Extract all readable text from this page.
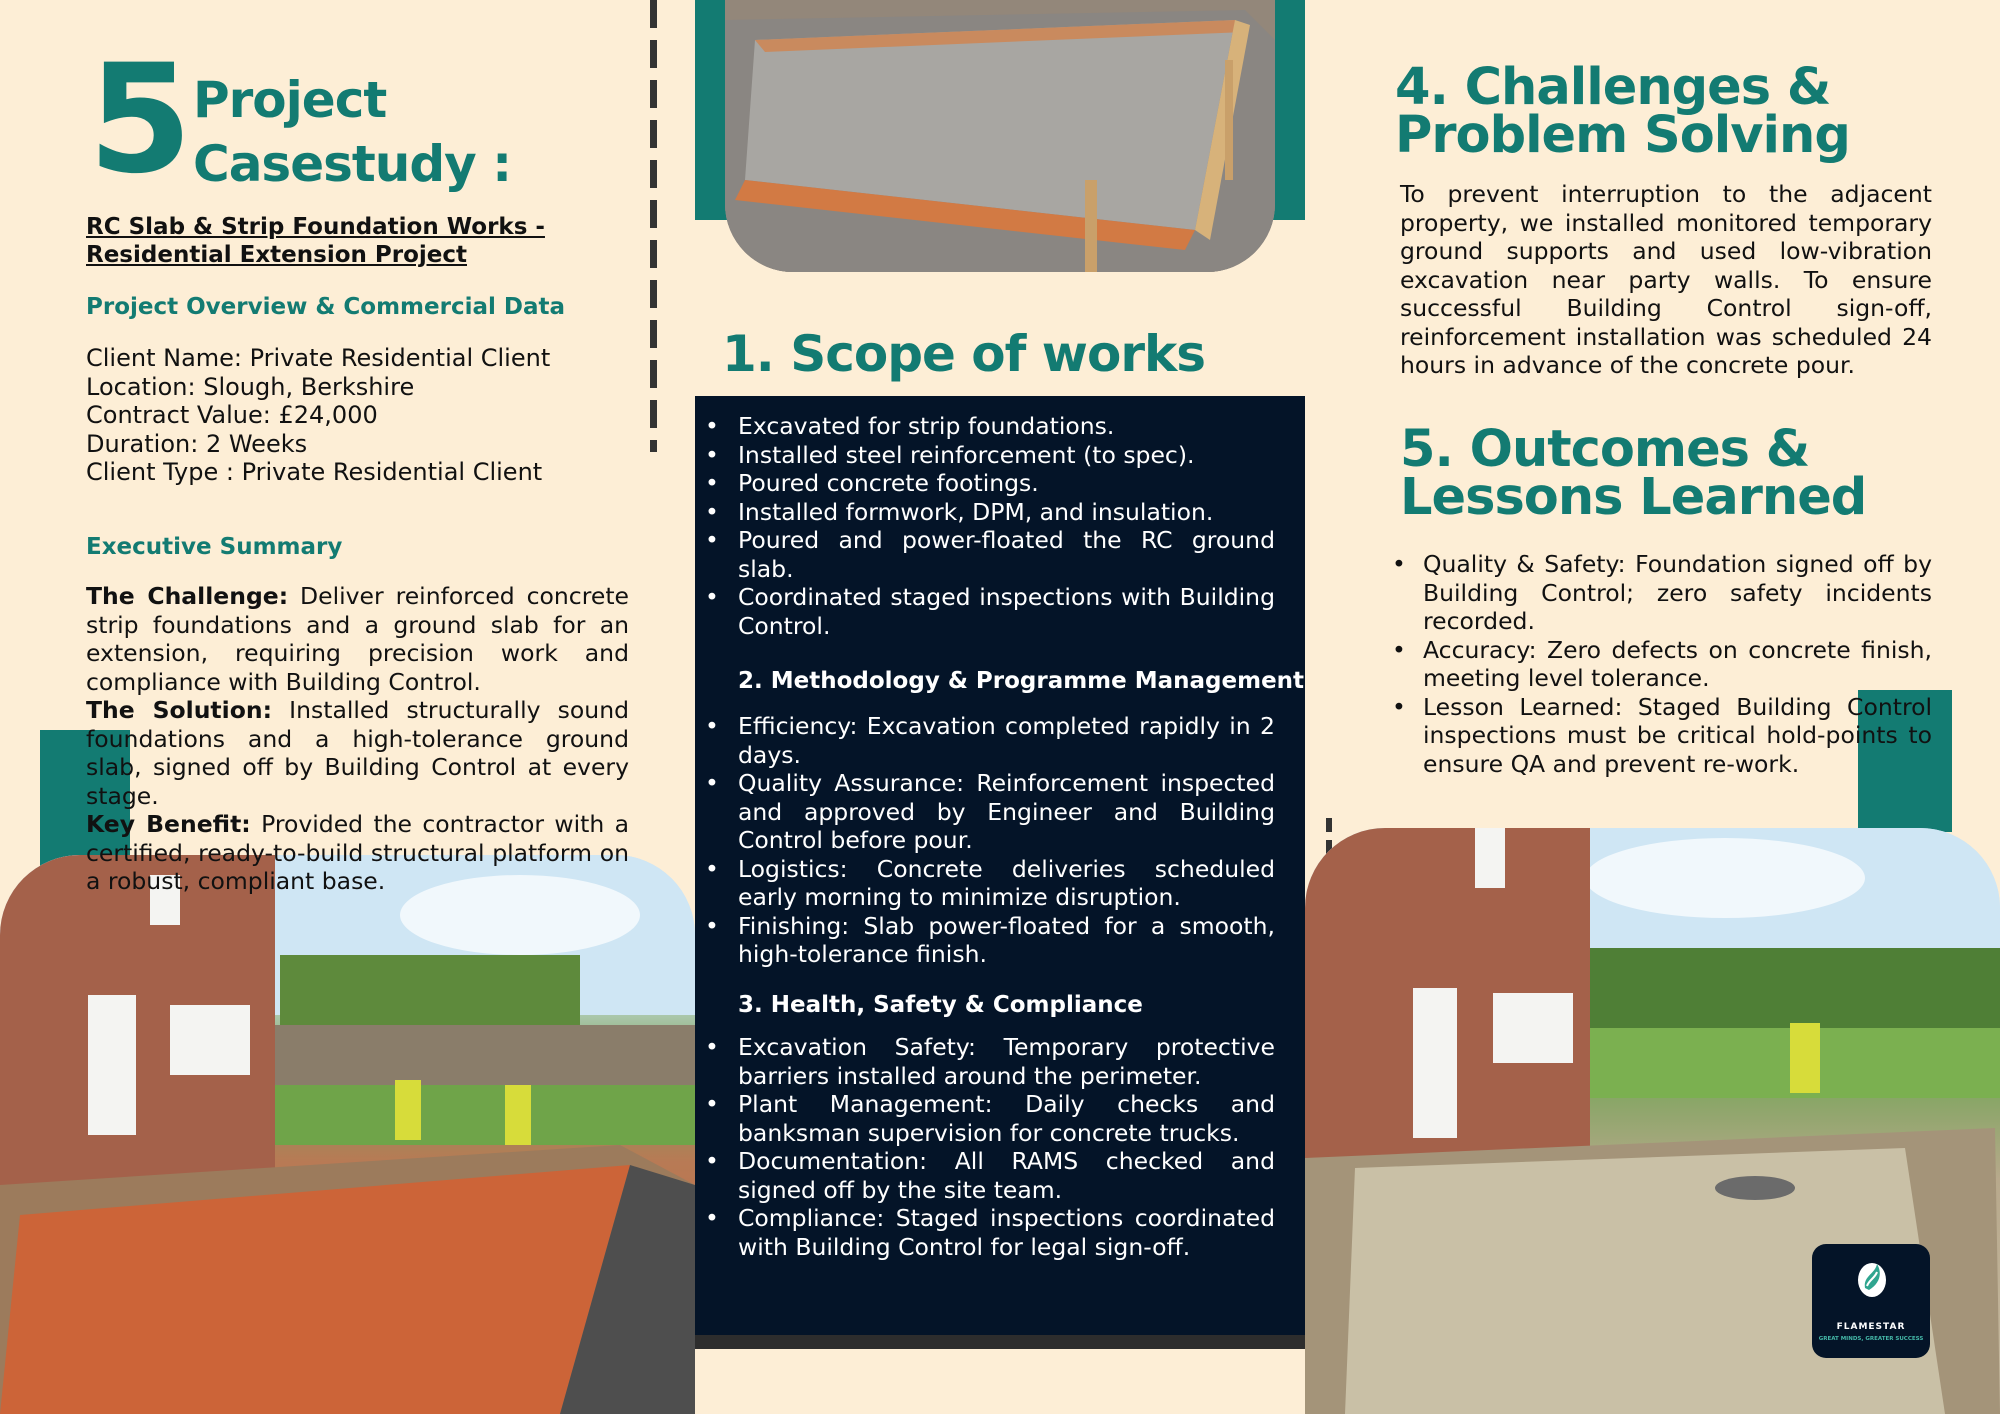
5 Project
Casestudy :
RC Slab & Strip Foundation Works -
Residential Extension Project
Project Overview & Commercial Data
Client Name: Private Residential Client
Location: Slough, Berkshire
Contract Value: £24,000
Duration: 2 Weeks
Client Type : Private Residential Client
Executive Summary

The Challenge: Deliver reinforced concrete strip foundations and a ground slab for an extension, requiring precision work and compliance with Building Control.

The Solution: Installed structurally sound foundations and a high-tolerance ground slab, signed off by Building Control at every stage.

Key Benefit: Provided the contractor with a certified, ready-to-build structural platform on a robust, compliant base.

1. Scope of works
• Excavated for strip foundations.
• Installed steel reinforcement (to spec).
• Poured concrete footings.
• Installed formwork, DPM, and insulation.
• Poured and power-floated the RC ground slab.
• Coordinated staged inspections with Building Control.
2. Methodology & Programme Management
• Efficiency: Excavation completed rapidly in 2 days.
• Quality Assurance: Reinforcement inspected and approved by Engineer and Building Control before pour.
• Logistics: Concrete deliveries scheduled early morning to minimize disruption.
• Finishing: Slab power-floated for a smooth, high-tolerance finish.
3. Health, Safety & Compliance
• Excavation Safety: Temporary protective barriers installed around the perimeter.
• Plant Management: Daily checks and banksman supervision for concrete trucks.
• Documentation: All RAMS checked and signed off by the site team.
• Compliance: Staged inspections coordinated with Building Control for legal sign-off.
4. Challenges &
Problem Solving
To prevent interruption to the adjacent property, we installed monitored temporary ground supports and used low-vibration excavation near party walls. To ensure successful Building Control sign-off, reinforcement installation was scheduled 24 hours in advance of the concrete pour.
5. Outcomes &
Lessons Learned
• Quality & Safety: Foundation signed off by Building Control; zero safety incidents recorded.
• Accuracy: Zero defects on concrete finish, meeting level tolerance.
• Lesson Learned: Staged Building Control inspections must be critical hold-points to ensure QA and prevent re-work.
FLAMESTAR
GREAT MINDS, GREATER SUCCESS
